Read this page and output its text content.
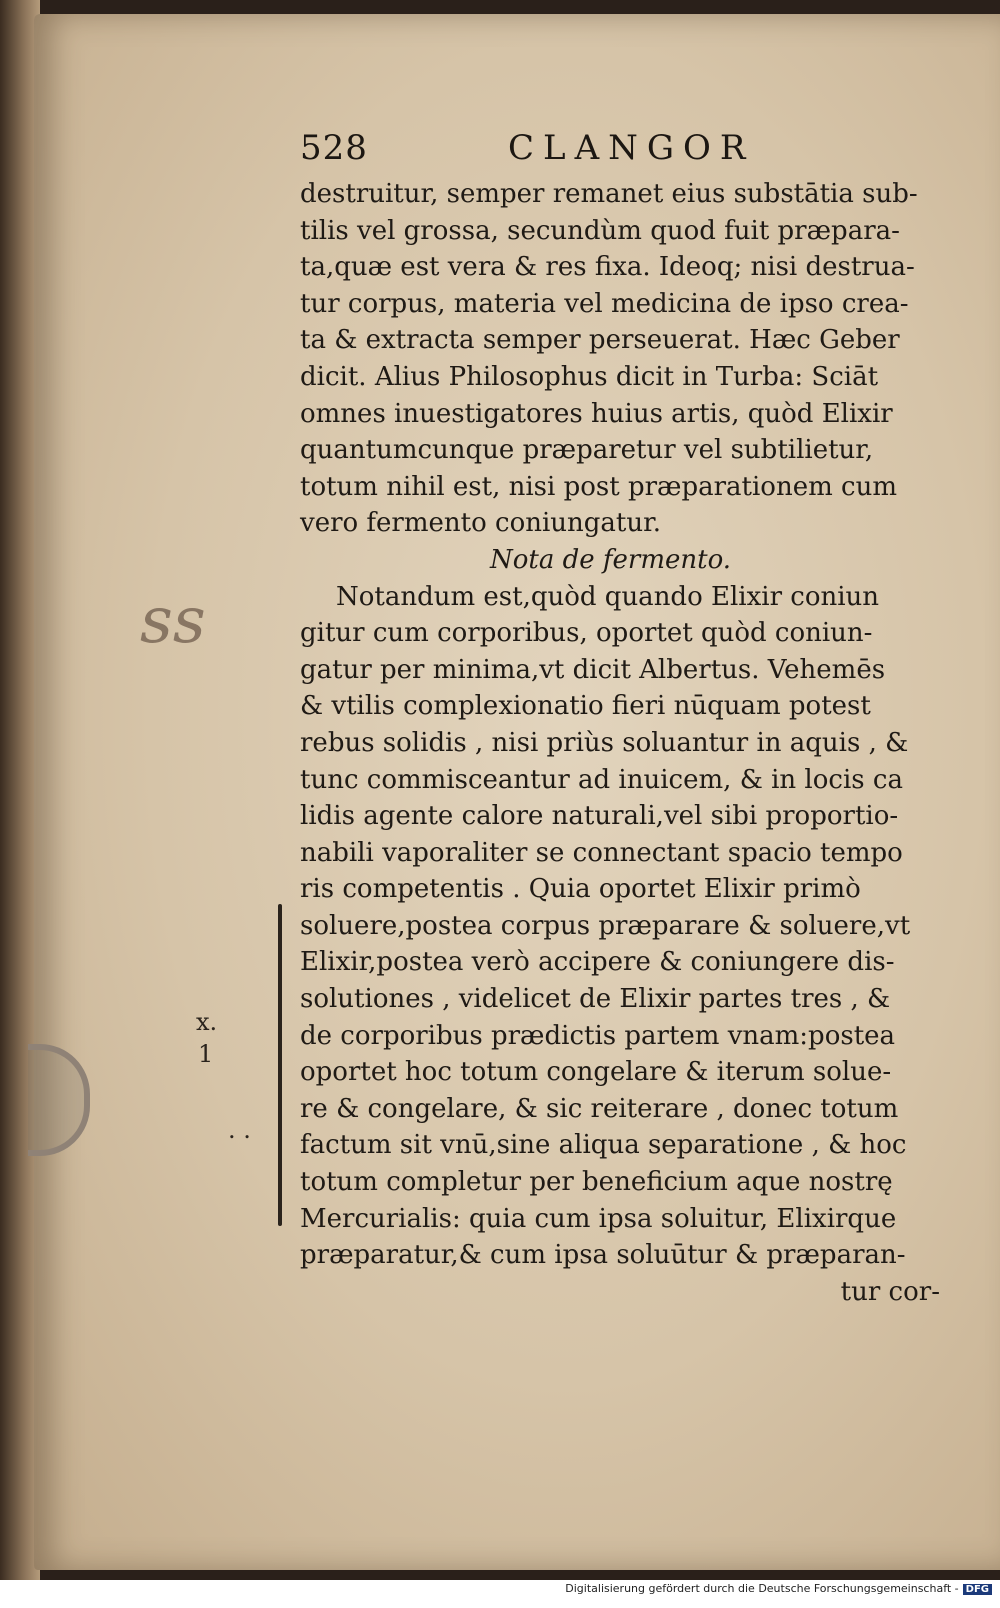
528	CLANGOR
ss
x.
1
. .
destruitur, semper remanet eius substātia sub-
tilis vel grossa, secundùm quod fuit præpara-
ta,quæ est vera & res fixa. Ideoq; nisi destrua-
tur corpus, materia vel medicina de ipso crea-
ta & extracta semper perseuerat. Hæc Geber
dicit. Alius Philosophus dicit in Turba: Sciāt
omnes inuestigatores huius artis, quòd Elixir
quantumcunque præparetur vel subtilietur,
totum nihil est, nisi post præparationem cum
vero fermento coniungatur.
Nota de fermento.
Notandum est,quòd quando Elixir coniun
gitur cum corporibus, oportet quòd coniun-
gatur per minima,vt dicit Albertus. Vehemēs
& vtilis complexionatio fieri nūquam potest
rebus solidis , nisi priùs soluantur in aquis , &
tunc commisceantur ad inuicem, & in locis ca
lidis agente calore naturali,vel sibi proportio-
nabili vaporaliter se connectant spacio tempo
ris competentis . Quia oportet Elixir primò
soluere,postea corpus præparare & soluere,vt
Elixir,postea verò accipere & coniungere dis-
solutiones , videlicet de Elixir partes tres , &
de corporibus prædictis partem vnam:postea
oportet hoc totum congelare & iterum solue-
re & congelare, & sic reiterare , donec totum
factum sit vnū,sine aliqua separatione , & hoc
totum completur per beneficium aque nostrę
Mercurialis: quia cum ipsa soluitur, Elixirque
præparatur,& cum ipsa soluūtur & præparan-
tur cor-
Digitalisierung gefördert durch die Deutsche Forschungsgemeinschaft - DFG
